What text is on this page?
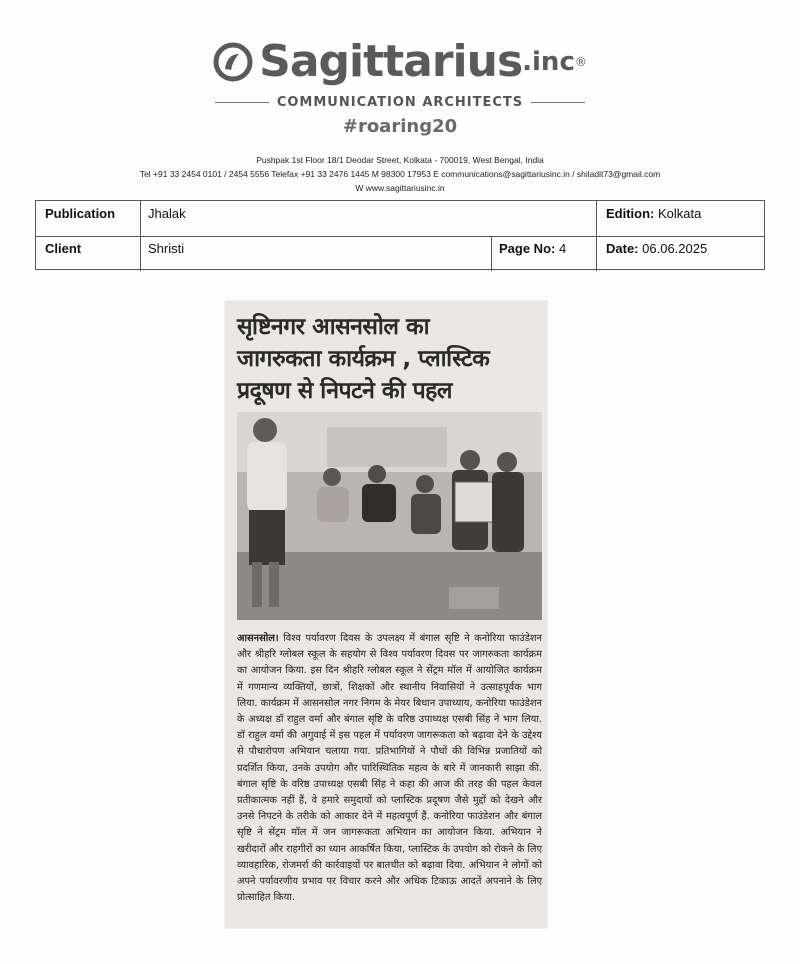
Sagittarius .inc ®
COMMUNICATION ARCHITECTS
#roaring20
Pushpak 1st Floor 18/1 Deodar Street, Kolkata - 700019, West Bengal, India
Tel +91 33 2454 0101 / 2454 5556 Telefax +91 33 2476 1445 M 98300 17953 E communications@sagittariusinc.in / shiladit73@gmail.com
W www.sagittariusinc.in
Publication	Jhalak	Edition: Kolkata
Client	Shristi	Page No: 4	Date: 06.06.2025
सृष्टिनगर आसनसोल का
जागरुकता कार्यक्रम , प्लास्टिक
प्रदूषण से निपटने की पहल
आसनसोल। विश्व पर्यावरण दिवस के उपलक्ष्य में बंगाल सृष्टि ने कनोरिया फाउंडेशन और श्रीहरि ग्लोबल स्कूल के सहयोग से विश्व पर्यावरण दिवस पर जागरुकता कार्यक्रम का आयोजन किया. इस दिन श्रीहरि ग्लोबल स्कूल ने सेंट्रम मॉल में आयोजित कार्यक्रम में गणमान्य व्यक्तियों, छात्रों, शिक्षकों और स्थानीय निवासियों ने उत्साहपूर्वक भाग लिया. कार्यक्रम में आसनसोल नगर निगम के मेयर बिधान उपाध्याय, कनोरिया फाउंडेशन के अध्यक्ष डॉ राहुल वर्मा और बंगाल सृष्टि के वरिष्ठ उपाध्यक्ष एसबी सिंह ने भाग लिया. डॉ राहुल वर्मा की अगुवाई में इस पहल में पर्यावरण जागरूकता को बढ़ावा देने के उद्देश्य से पौधारोपण अभियान चलाया गया. प्रतिभागियों ने पौधों की विभिन्न प्रजातियों को प्रदर्शित किया, उनके उपयोग और पारिस्थितिक महत्व के बारे में जानकारी साझा की. बंगाल सृष्टि के वरिष्ठ उपाध्यक्ष एसबी सिंह ने कहा की आज की तरह की पहल केवल प्रतीकात्मक नहीं हैं, वे हमारे समुदायों को प्लास्टिक प्रदूषण जैसे मुद्दों को देखने और उनसे निपटने के तरीके को आकार देने में महत्वपूर्ण हैं. कनोरिया फाउंडेशन और बंगाल सृष्टि ने सेंट्रम मॉल में जन जागरूकता अभियान का आयोजन किया. अभियान ने खरीदारों और राहगीरों का ध्यान आकर्षित किया, प्लास्टिक के उपयोग को रोकने के लिए व्यावहारिक, रोजमर्रा की कार्रवाइयों पर बातचीत को बढ़ावा दिया. अभियान ने लोगों को अपने पर्यावरणीय प्रभाव पर विचार करने और अधिक टिकाऊ आदतें अपनाने के लिए प्रोत्साहित किया.
